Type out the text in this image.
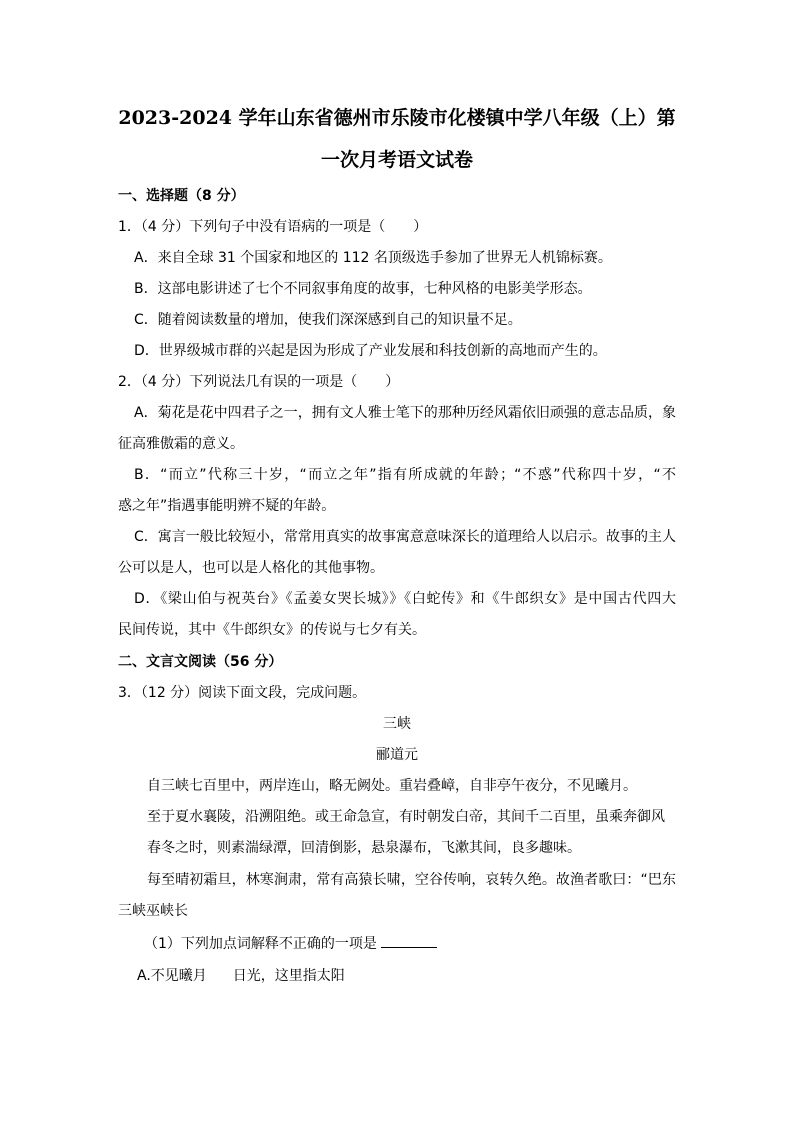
2023-2024 学年山东省德州市乐陵市化楼镇中学八年级（上）第
一次月考语文试卷
一、选择题（8 分）
1．（4 分）下列句子中没有语病的一项是（　　）
A．来自全球 31 个国家和地区的 112 名顶级选手参加了世界无人机锦标赛。
B．这部电影讲述了七个不同叙事角度的故事，七种风格的电影美学形态。
C．随着阅读数量的增加，使我们深深感到自己的知识量不足。
D．世界级城市群的兴起是因为形成了产业发展和科技创新的高地而产生的。
2．（4 分）下列说法几有误的一项是（　　）
A．菊花是花中四君子之一，拥有文人雅士笔下的那种历经风霜依旧顽强的意志品质，象
征高雅傲霜的意义。
B．“而立”代称三十岁，“而立之年”指有所成就的年龄；“不惑”代称四十岁，“不
惑之年”指遇事能明辨不疑的年龄。
C．寓言一般比较短小，常常用真实的故事寓意意味深长的道理给人以启示。故事的主人
公可以是人，也可以是人格化的其他事物。
D．《梁山伯与祝英台》《孟姜女哭长城》》《白蛇传》和《牛郎织女》是中国古代四大
民间传说，其中《牛郎织女》的传说与七夕有关。
二、文言文阅读（56 分）
3．（12 分）阅读下面文段，完成问题。
三峡
郦道元
自三峡七百里中，两岸连山，略无阙处。重岩叠嶂，自非亭午夜分，不见曦月。
至于夏水襄陵，沿溯阻绝。或王命急宣，有时朝发白帝，其间千二百里，虽乘奔御风
春冬之时，则素湍绿潭，回清倒影，悬泉瀑布，飞漱其间，良多趣味。
每至晴初霜旦，林寒涧肃，常有高猿长啸，空谷传响，哀转久绝。故渔者歌曰：“巴东
三峡巫峡长
（1）下列加点词解释不正确的一项是
A.不见曦月 日光，这里指太阳
